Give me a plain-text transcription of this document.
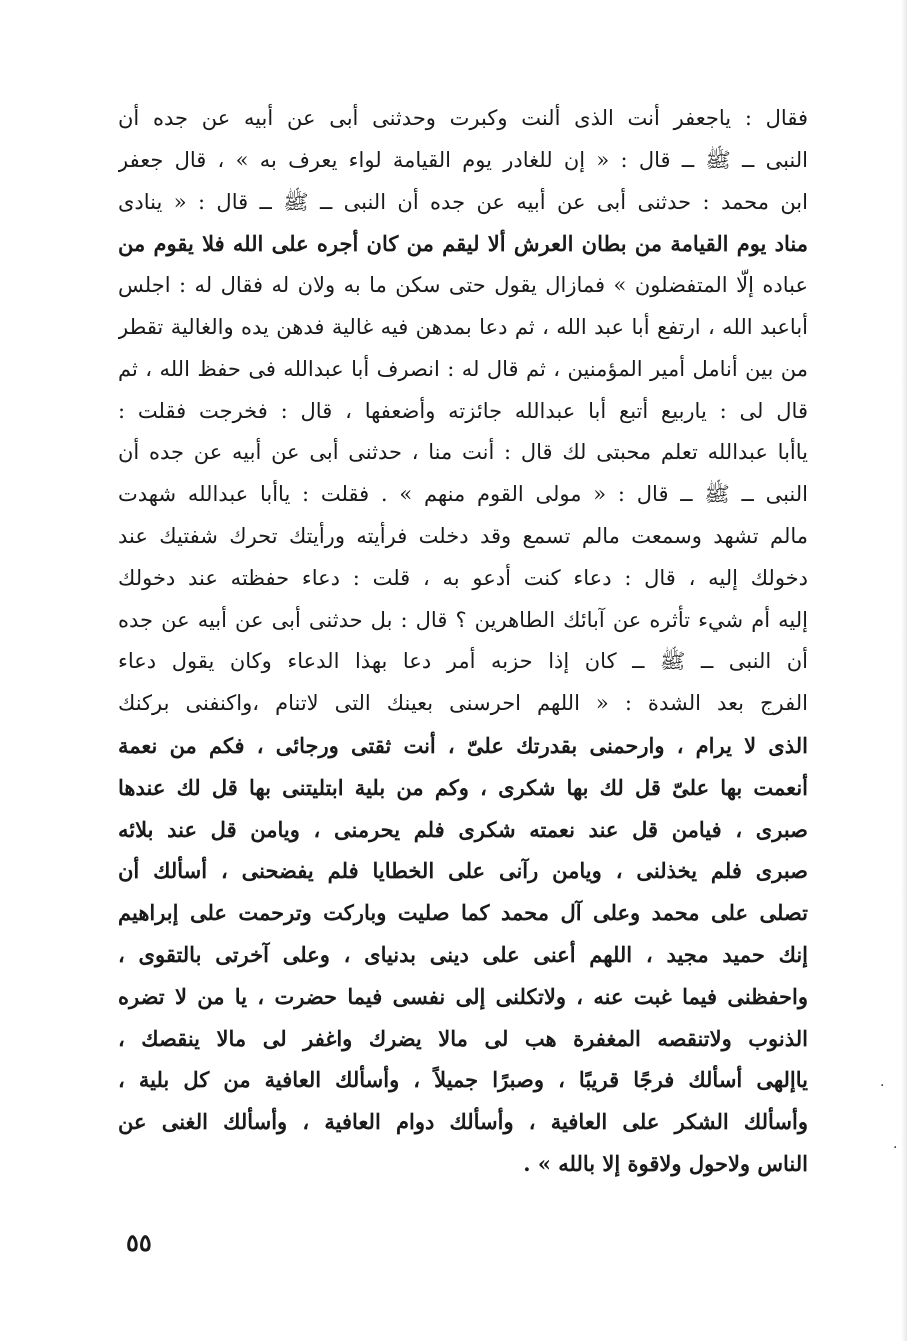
فقال : ياجعفر أنت الذى ألنت وكبرت وحدثنى أبى عن أبيه عن جده أن
النبى ــ ﷺ ــ قال : « إن للغادر يوم القيامة لواء يعرف به » ، قال جعفر
ابن محمد : حدثنى أبى عن أبيه عن جده أن النبى ــ ﷺ ــ قال : « ينادى
مناد يوم القيامة من بطان العرش ألا ليقم من كان أجره على الله فلا يقوم من
عباده إلّا المتفضلون » فمازال يقول حتى سكن ما به ولان له فقال له : اجلس
أباعبد الله ، ارتفع أبا عبد الله ، ثم دعا بمدهن فيه غالية فدهن يده والغالية تقطر
من بين أنامل أمير المؤمنين ، ثم قال له : انصرف أبا عبدالله فى حفظ الله ، ثم
قال لى : ياربيع أتبع أبا عبدالله جائزته وأضعفها ، قال : فخرجت فقلت :
ياأبا عبدالله تعلم محبتى لك قال : أنت منا ، حدثنى أبى عن أبيه عن جده أن
النبى ــ ﷺ ــ قال : « مولى القوم منهم » . فقلت : ياأبا عبدالله شهدت
مالم تشهد وسمعت مالم تسمع وقد دخلت فرأيته ورأيتك تحرك شفتيك عند
دخولك إليه ، قال : دعاء كنت أدعو به ، قلت : دعاء حفظته عند دخولك
إليه أم شيء تأثره عن آبائك الطاهرين ؟ قال : بل حدثنى أبى عن أبيه عن جده
أن النبى ــ ﷺ ــ كان إذا حزبه أمر دعا بهذا الدعاء وكان يقول دعاء
الفرج بعد الشدة : « اللهم احرسنى بعينك التى لاتنام ،واكنفنى بركنك
الذى لا يرام ، وارحمنى بقدرتك علىّ ، أنت ثقتى ورجائى ، فكم من نعمة
أنعمت بها علىّ قل لك بها شكرى ، وكم من بلية ابتليتنى بها قل لك عندها
صبرى ، فيامن قل عند نعمته شكرى فلم يحرمنى ، ويامن قل عند بلائه
صبرى فلم يخذلنى ، ويامن رآنى على الخطايا فلم يفضحنى ، أسألك أن
تصلى على محمد وعلى آل محمد كما صليت وباركت وترحمت على إبراهيم
إنك حميد مجيد ، اللهم أعنى على دينى بدنياى ، وعلى آخرتى بالتقوى ،
واحفظنى فيما غبت عنه ، ولاتكلنى إلى نفسى فيما حضرت ، يا من لا تضره
الذنوب ولاتنقصه المغفرة هب لى مالا يضرك واغفر لى مالا ينقصك ،
ياإلهى أسألك فرجًا قريبًا ، وصبرًا جميلاً ، وأسألك العافية من كل بلية ،
وأسألك الشكر على العافية ، وأسألك دوام العافية ، وأسألك الغنى عن
الناس ولاحول ولاقوة إلا بالله » .
٥٥
·
·
